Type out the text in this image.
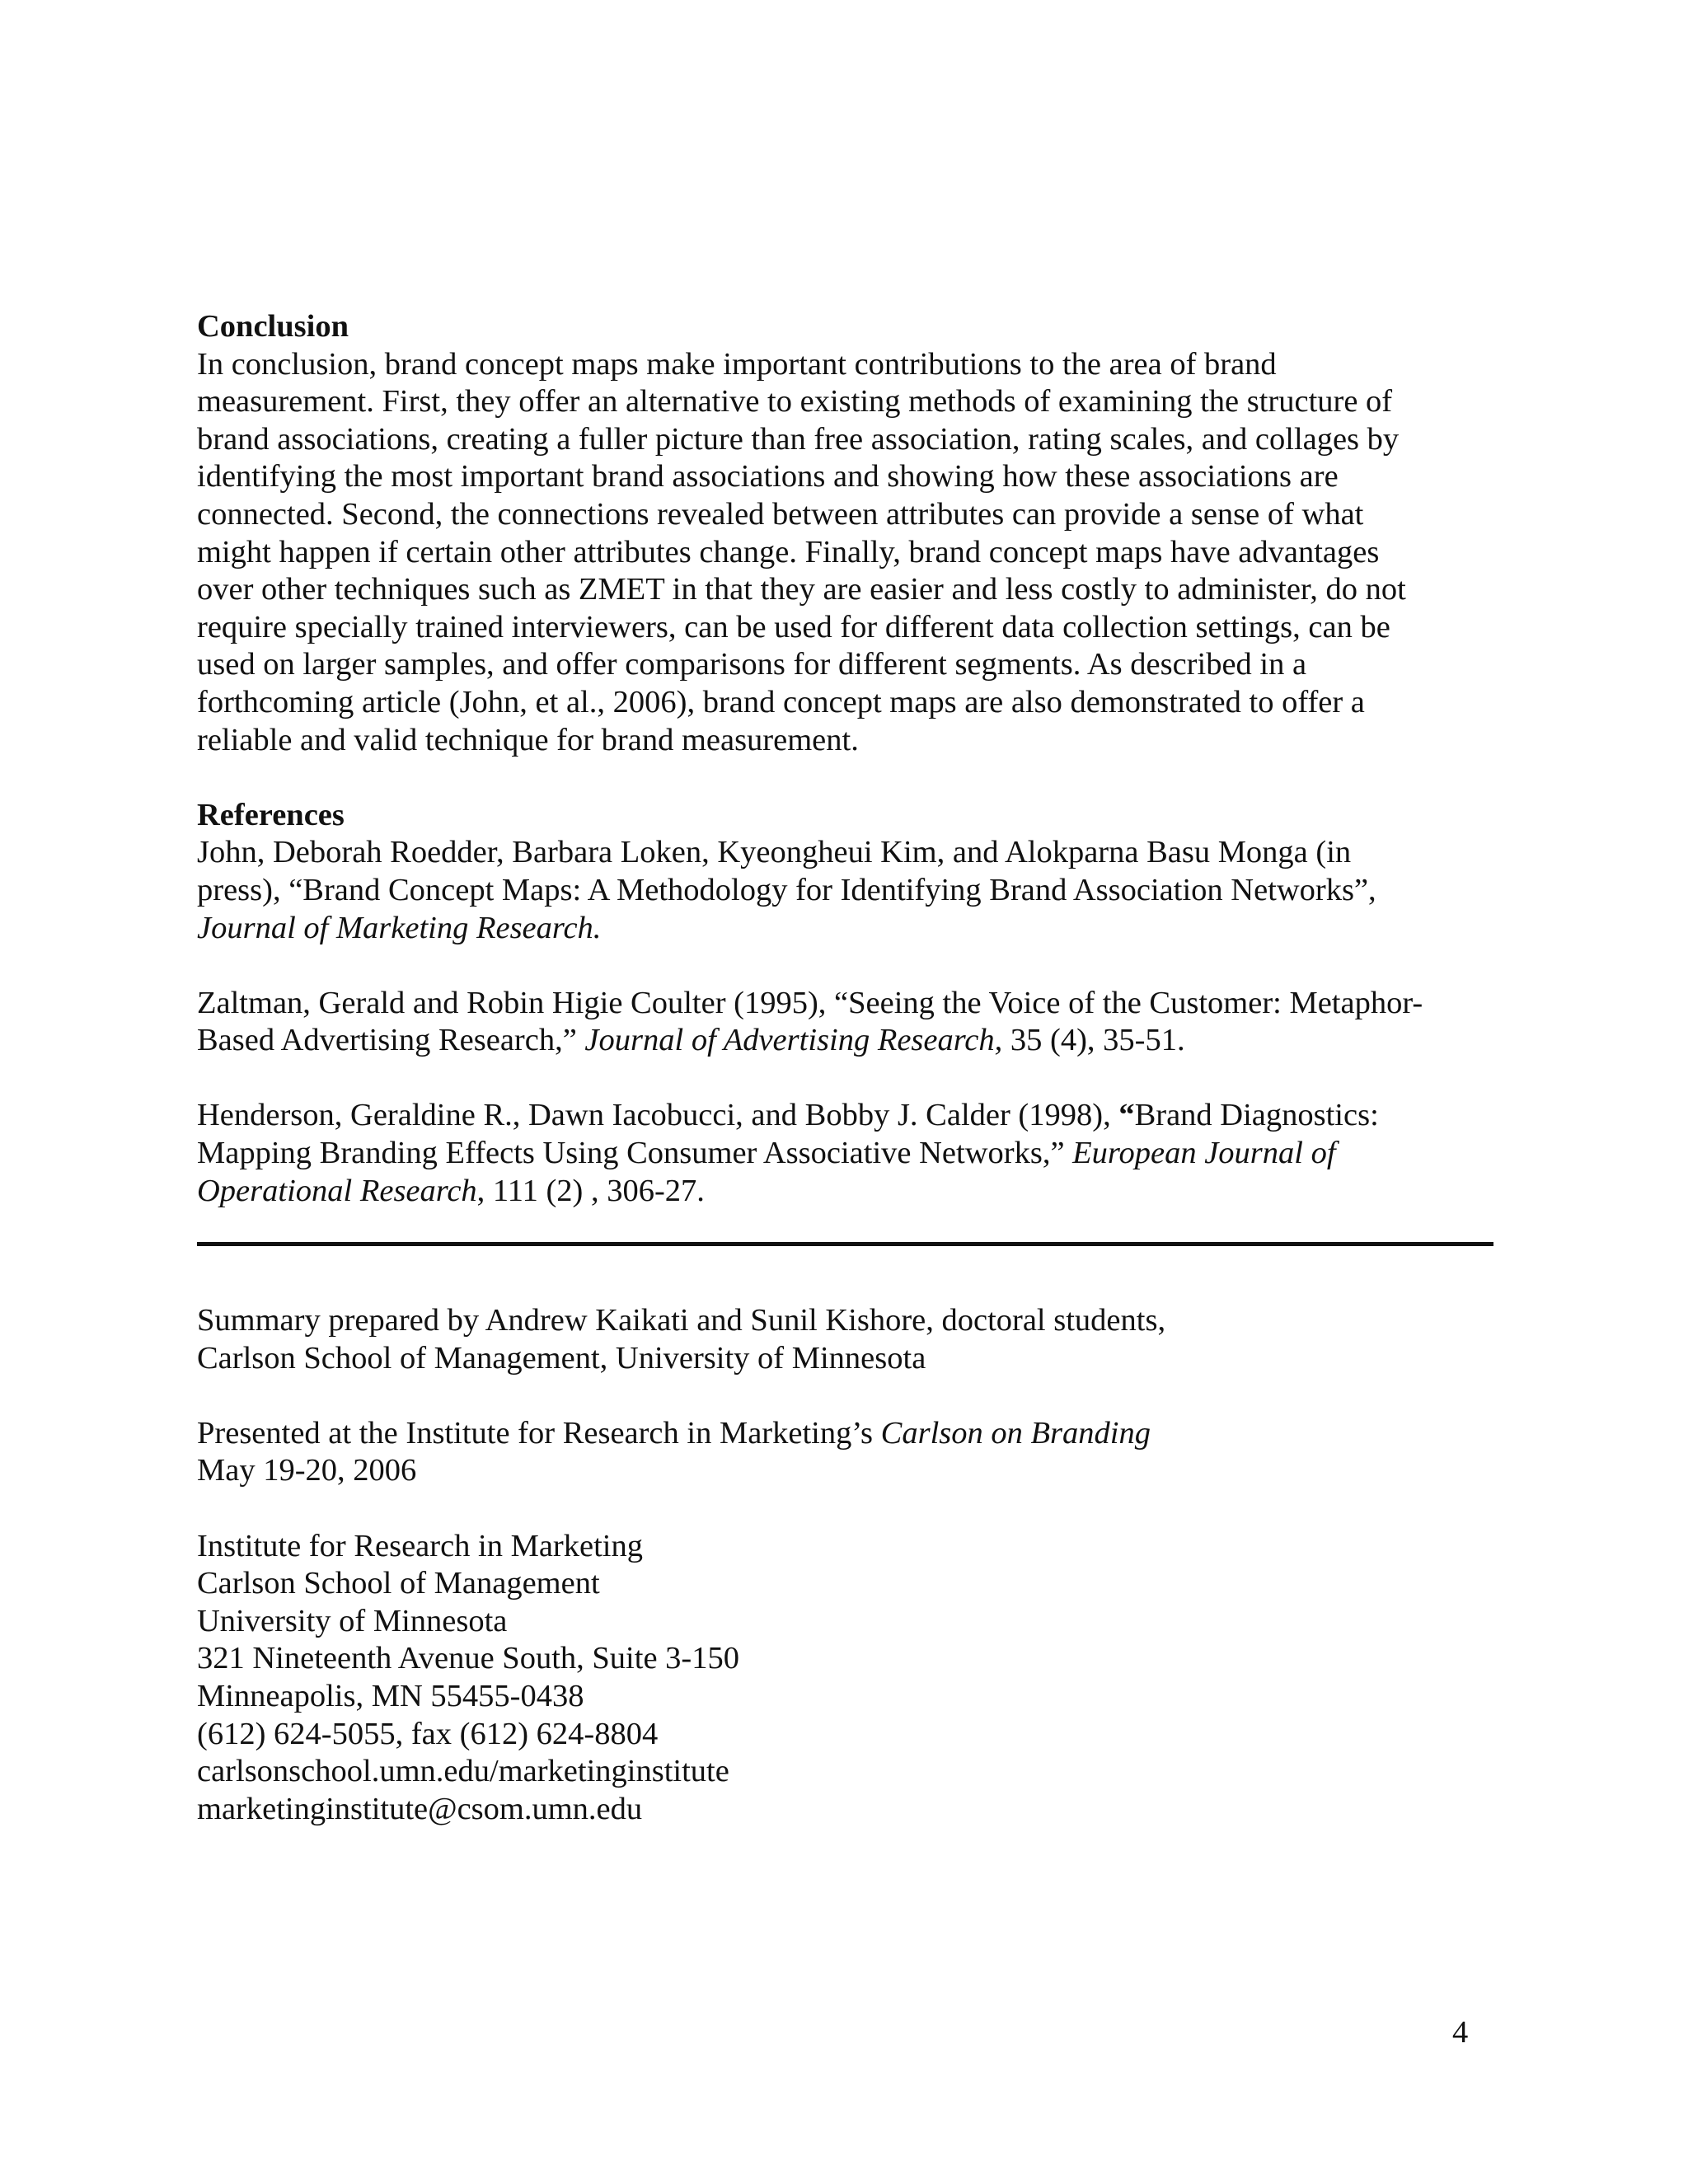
Conclusion
In conclusion, brand concept maps make important contributions to the area of brand
measurement. First, they offer an alternative to existing methods of examining the structure of
brand associations, creating a fuller picture than free association, rating scales, and collages by
identifying the most important brand associations and showing how these associations are
connected. Second, the connections revealed between attributes can provide a sense of what
might happen if certain other attributes change. Finally, brand concept maps have advantages
over other techniques such as ZMET in that they are easier and less costly to administer, do not
require specially trained interviewers, can be used for different data collection settings, can be
used on larger samples, and offer comparisons for different segments. As described in a
forthcoming article (John, et al., 2006), brand concept maps are also demonstrated to offer a
reliable and valid technique for brand measurement.
References
John, Deborah Roedder, Barbara Loken, Kyeongheui Kim, and Alokparna Basu Monga (in
press), “Brand Concept Maps: A Methodology for Identifying Brand Association Networks”,
Journal of Marketing Research.
Zaltman, Gerald and Robin Higie Coulter (1995), “Seeing the Voice of the Customer: Metaphor-
Based Advertising Research,” Journal of Advertising Research, 35 (4), 35-51.
Henderson, Geraldine R., Dawn Iacobucci, and Bobby J. Calder (1998), “Brand Diagnostics:
Mapping Branding Effects Using Consumer Associative Networks,” European Journal of
Operational Research, 111 (2) , 306-27.
Summary prepared by Andrew Kaikati and Sunil Kishore, doctoral students,
Carlson School of Management, University of Minnesota
Presented at the Institute for Research in Marketing’s Carlson on Branding
May 19-20, 2006
Institute for Research in Marketing
Carlson School of Management
University of Minnesota
321 Nineteenth Avenue South, Suite 3-150
Minneapolis, MN 55455-0438
(612) 624-5055, fax (612) 624-8804
carlsonschool.umn.edu/marketinginstitute
marketinginstitute@csom.umn.edu
4
